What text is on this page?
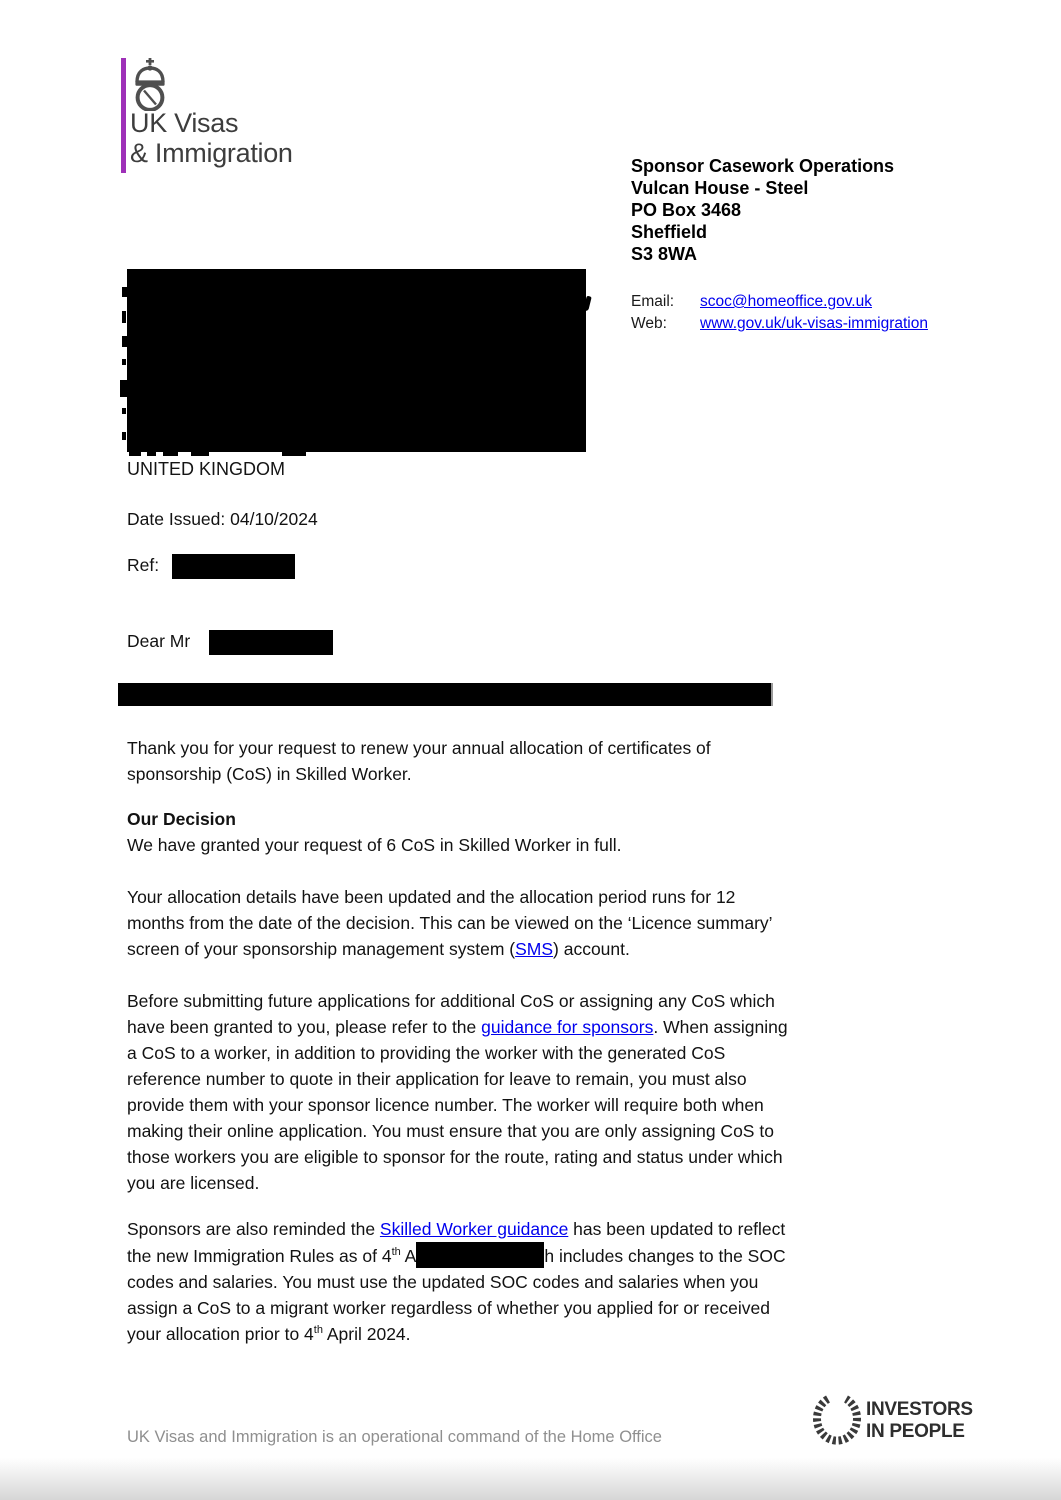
UK Visas
& Immigration	Sponsor Casework Operations
Vulcan House - Steel
PO Box 3468
Sheffield
S3 8WA
Email:	scoc@homeoffice.gov.uk
Web:	www.gov.uk/uk-visas-immigration
UNITED KINGDOM
Date Issued: 04/10/2024
Ref:
Dear Mr
Thank you for your request to renew your annual allocation of certificates of
sponsorship (CoS) in Skilled Worker.
Our Decision
We have granted your request of 6 CoS in Skilled Worker in full.
Your allocation details have been updated and the allocation period runs for 12
months from the date of the decision. This can be viewed on the ‘Licence summary’
screen of your sponsorship management system (SMS) account.
Before submitting future applications for additional CoS or assigning any CoS which
have been granted to you, please refer to the guidance for sponsors. When assigning
a CoS to a worker, in addition to providing the worker with the generated CoS
reference number to quote in their application for leave to remain, you must also
provide them with your sponsor licence number. The worker will require both when
making their online application. You must ensure that you are only assigning CoS to
those workers you are eligible to sponsor for the route, rating and status under which
you are licensed.
Sponsors are also reminded the Skilled Worker guidance has been updated to reflect
the new Immigration Rules as of 4th A	h includes changes to the SOC
codes and salaries. You must use the updated SOC codes and salaries when you
assign a CoS to a migrant worker regardless of whether you applied for or received
your allocation prior to 4th April 2024.
UK Visas and Immigration is an operational command of the Home Office
INVESTORS
IN PEOPLE
